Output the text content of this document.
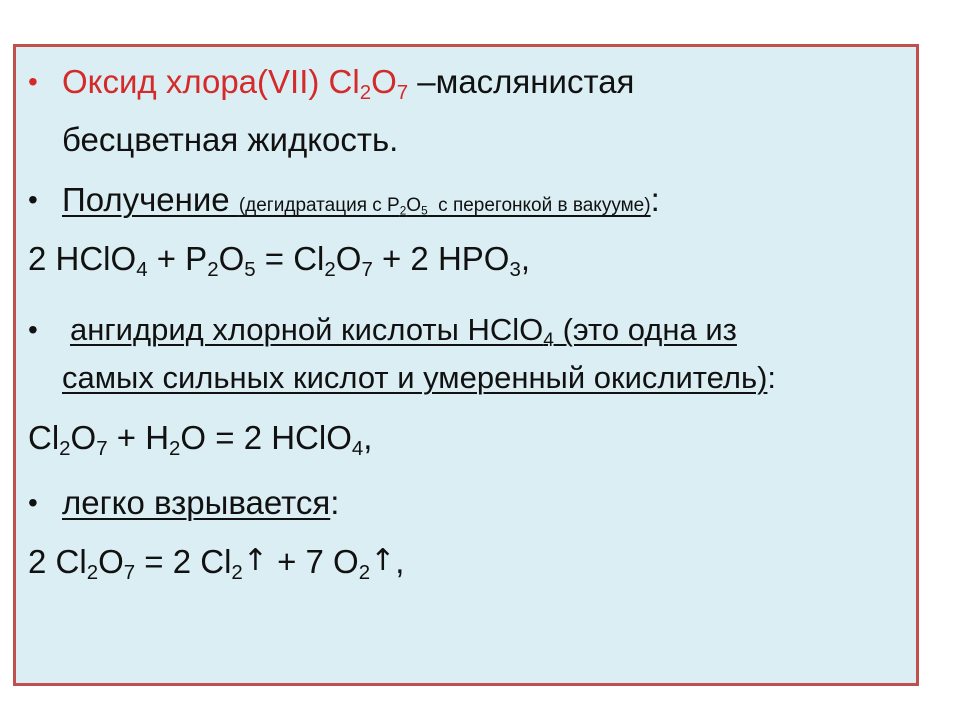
• Оксид хлора(VII) $Cl_2O_7$ –маслянистая
бесцветная жидкость.
• Получение (дегидратация с $P_2O_5$  с перегонкой в вакууме):
2 HClO$_4$ + $P_2O_5 = Cl_2O_7 + 2$ $HPO_3$,
• ангидрид хлорной кислоты HClO$_4$ (это одна из
самых сильных кислот и умеренный окислитель):
$Cl_2O_7 + H_2O = 2$ HClO$_4$,
• легко взрывается:
2 $Cl_2O_7 = 2$ $Cl_2↑ + 7$ $O_2↑$,
